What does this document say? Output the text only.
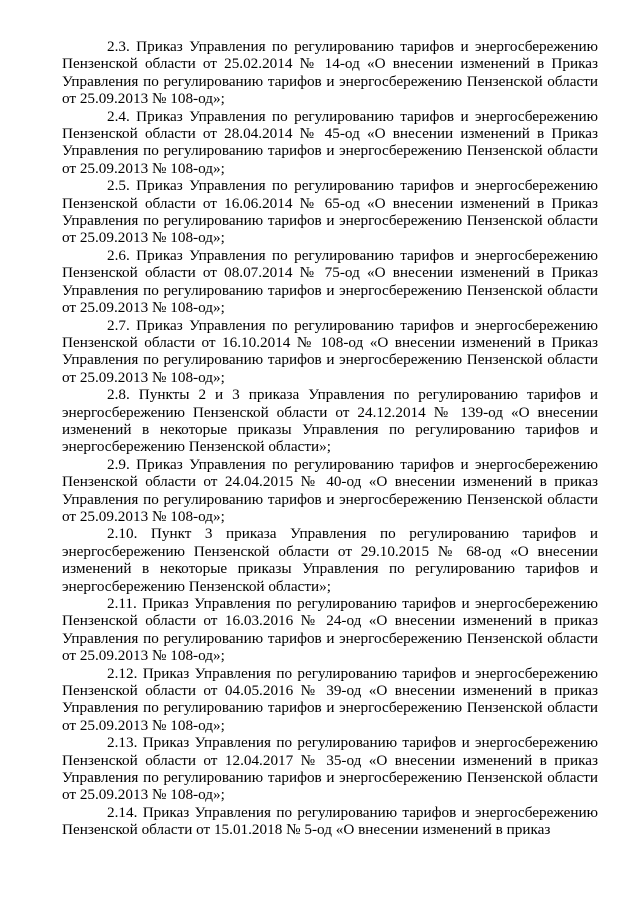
2.3. Приказ Управления по регулированию тарифов и энергосбережению Пензенской области от 25.02.2014 № 14-од «О внесении изменений в Приказ Управления по регулированию тарифов и энергосбережению Пензенской области от 25.09.2013 № 108-од»;

2.4. Приказ Управления по регулированию тарифов и энергосбережению Пензенской области от 28.04.2014 № 45-од «О внесении изменений в Приказ Управления по регулированию тарифов и энергосбережению Пензенской области от 25.09.2013 № 108-од»;

2.5. Приказ Управления по регулированию тарифов и энергосбережению Пензенской области от 16.06.2014 № 65-од «О внесении изменений в Приказ Управления по регулированию тарифов и энергосбережению Пензенской области от 25.09.2013 № 108-од»;

2.6. Приказ Управления по регулированию тарифов и энергосбережению Пензенской области от 08.07.2014 № 75-од «О внесении изменений в Приказ Управления по регулированию тарифов и энергосбережению Пензенской области от 25.09.2013 № 108-од»;

2.7. Приказ Управления по регулированию тарифов и энергосбережению Пензенской области от 16.10.2014 № 108-од «О внесении изменений в Приказ Управления по регулированию тарифов и энергосбережению Пензенской области от 25.09.2013 № 108-од»;

2.8. Пункты 2 и 3 приказа Управления по регулированию тарифов и энергосбережению Пензенской области от 24.12.2014 № 139-од «О внесении изменений в некоторые приказы Управления по регулированию тарифов и энергосбережению Пензенской области»;

2.9. Приказ Управления по регулированию тарифов и энергосбережению Пензенской области от 24.04.2015 № 40-од «О внесении изменений в приказ Управления по регулированию тарифов и энергосбережению Пензенской области от 25.09.2013 № 108-од»;

2.10. Пункт 3 приказа Управления по регулированию тарифов и энергосбережению Пензенской области от 29.10.2015 № 68-од «О внесении изменений в некоторые приказы Управления по регулированию тарифов и энергосбережению Пензенской области»;

2.11. Приказ Управления по регулированию тарифов и энергосбережению Пензенской области от 16.03.2016 № 24-од «О внесении изменений в приказ Управления по регулированию тарифов и энергосбережению Пензенской области от 25.09.2013 № 108-од»;

2.12. Приказ Управления по регулированию тарифов и энергосбережению Пензенской области от 04.05.2016 № 39-од «О внесении изменений в приказ Управления по регулированию тарифов и энергосбережению Пензенской области от 25.09.2013 № 108-од»;

2.13. Приказ Управления по регулированию тарифов и энергосбережению Пензенской области от 12.04.2017 № 35-од «О внесении изменений в приказ Управления по регулированию тарифов и энергосбережению Пензенской области от 25.09.2013 № 108-од»;

2.14. Приказ Управления по регулированию тарифов и энергосбережению Пензенской области от 15.01.2018 № 5-од «О внесении изменений в приказ
